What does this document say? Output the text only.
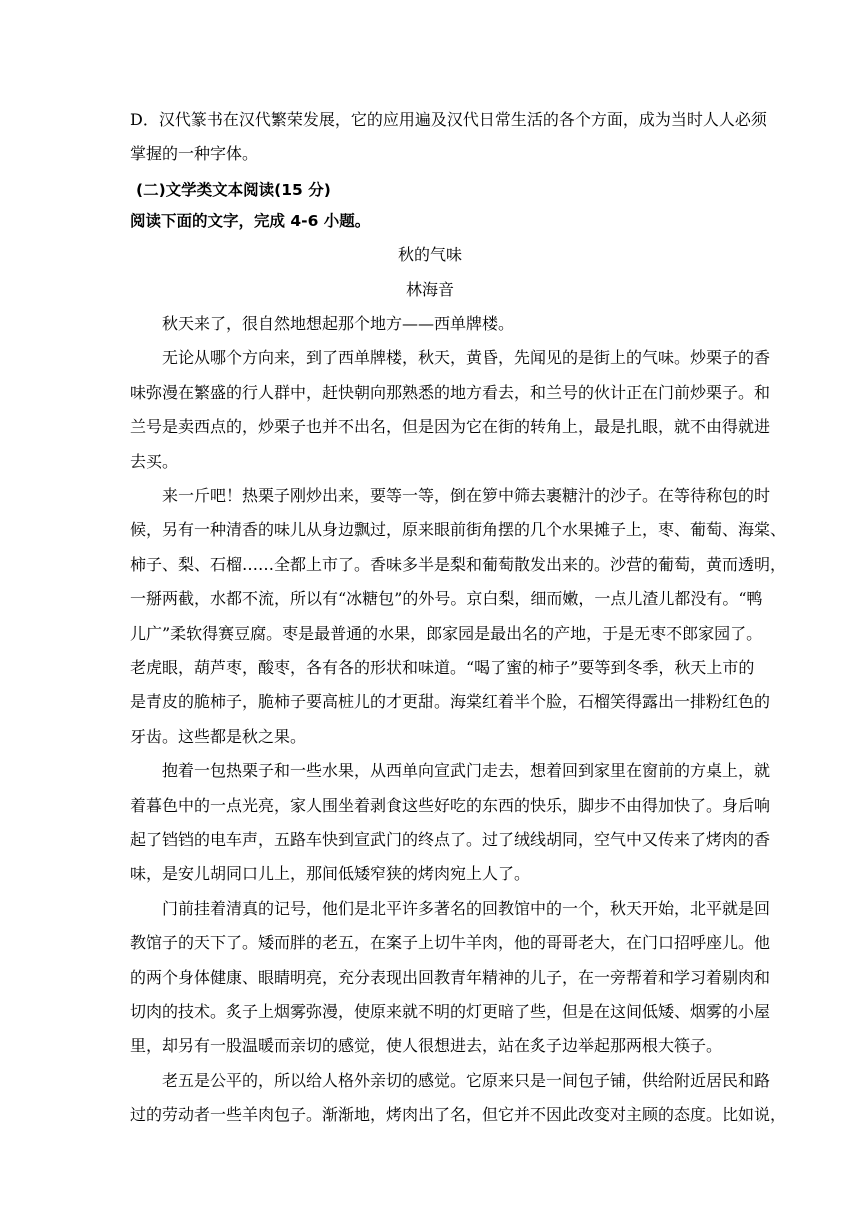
D．汉代篆书在汉代繁荣发展，它的应用遍及汉代日常生活的各个方面，成为当时人人必须
掌握的一种字体。
(二)文学类文本阅读(15 分)
阅读下面的文字，完成 4-6 小题。
秋的气味
林海音
　　秋天来了，很自然地想起那个地方——西单牌楼。
　　无论从哪个方向来，到了西单牌楼，秋天，黄昏，先闻见的是街上的气味。炒栗子的香
味弥漫在繁盛的行人群中，赶快朝向那熟悉的地方看去，和兰号的伙计正在门前炒栗子。和
兰号是卖西点的，炒栗子也并不出名，但是因为它在街的转角上，最是扎眼，就不由得就进
去买。
　　来一斤吧！热栗子刚炒出来，要等一等，倒在箩中筛去裹糖汁的沙子。在等待称包的时
候，另有一种清香的味儿从身边飘过，原来眼前街角摆的几个水果摊子上，枣、葡萄、海棠、
柿子、梨、石榴……全都上市了。香味多半是梨和葡萄散发出来的。沙营的葡萄，黄而透明，
一掰两截，水都不流，所以有“冰糖包”的外号。京白梨，细而嫩，一点儿渣儿都没有。“鸭
儿广”柔软得赛豆腐。枣是最普通的水果，郎家园是最出名的产地，于是无枣不郎家园了。
老虎眼，葫芦枣，酸枣，各有各的形状和味道。“喝了蜜的柿子”要等到冬季，秋天上市的
是青皮的脆柿子，脆柿子要高桩儿的才更甜。海棠红着半个脸，石榴笑得露出一排粉红色的
牙齿。这些都是秋之果。
　　抱着一包热栗子和一些水果，从西单向宣武门走去，想着回到家里在窗前的方桌上，就
着暮色中的一点光亮，家人围坐着剥食这些好吃的东西的快乐，脚步不由得加快了。身后响
起了铛铛的电车声，五路车快到宣武门的终点了。过了绒线胡同，空气中又传来了烤肉的香
味，是安儿胡同口儿上，那间低矮窄狭的烤肉宛上人了。
　　门前挂着清真的记号，他们是北平许多著名的回教馆中的一个，秋天开始，北平就是回
教馆子的天下了。矮而胖的老五，在案子上切牛羊肉，他的哥哥老大，在门口招呼座儿。他
的两个身体健康、眼睛明亮，充分表现出回教青年精神的儿子，在一旁帮着和学习着剔肉和
切肉的技术。炙子上烟雾弥漫，使原来就不明的灯更暗了些，但是在这间低矮、烟雾的小屋
里，却另有一股温暖而亲切的感觉，使人很想进去，站在炙子边举起那两根大筷子。
　　老五是公平的，所以给人格外亲切的感觉。它原来只是一间包子铺，供给附近居民和路
过的劳动者一些羊肉包子。渐渐地，烤肉出了名，但它并不因此改变对主顾的态度。比如说，
